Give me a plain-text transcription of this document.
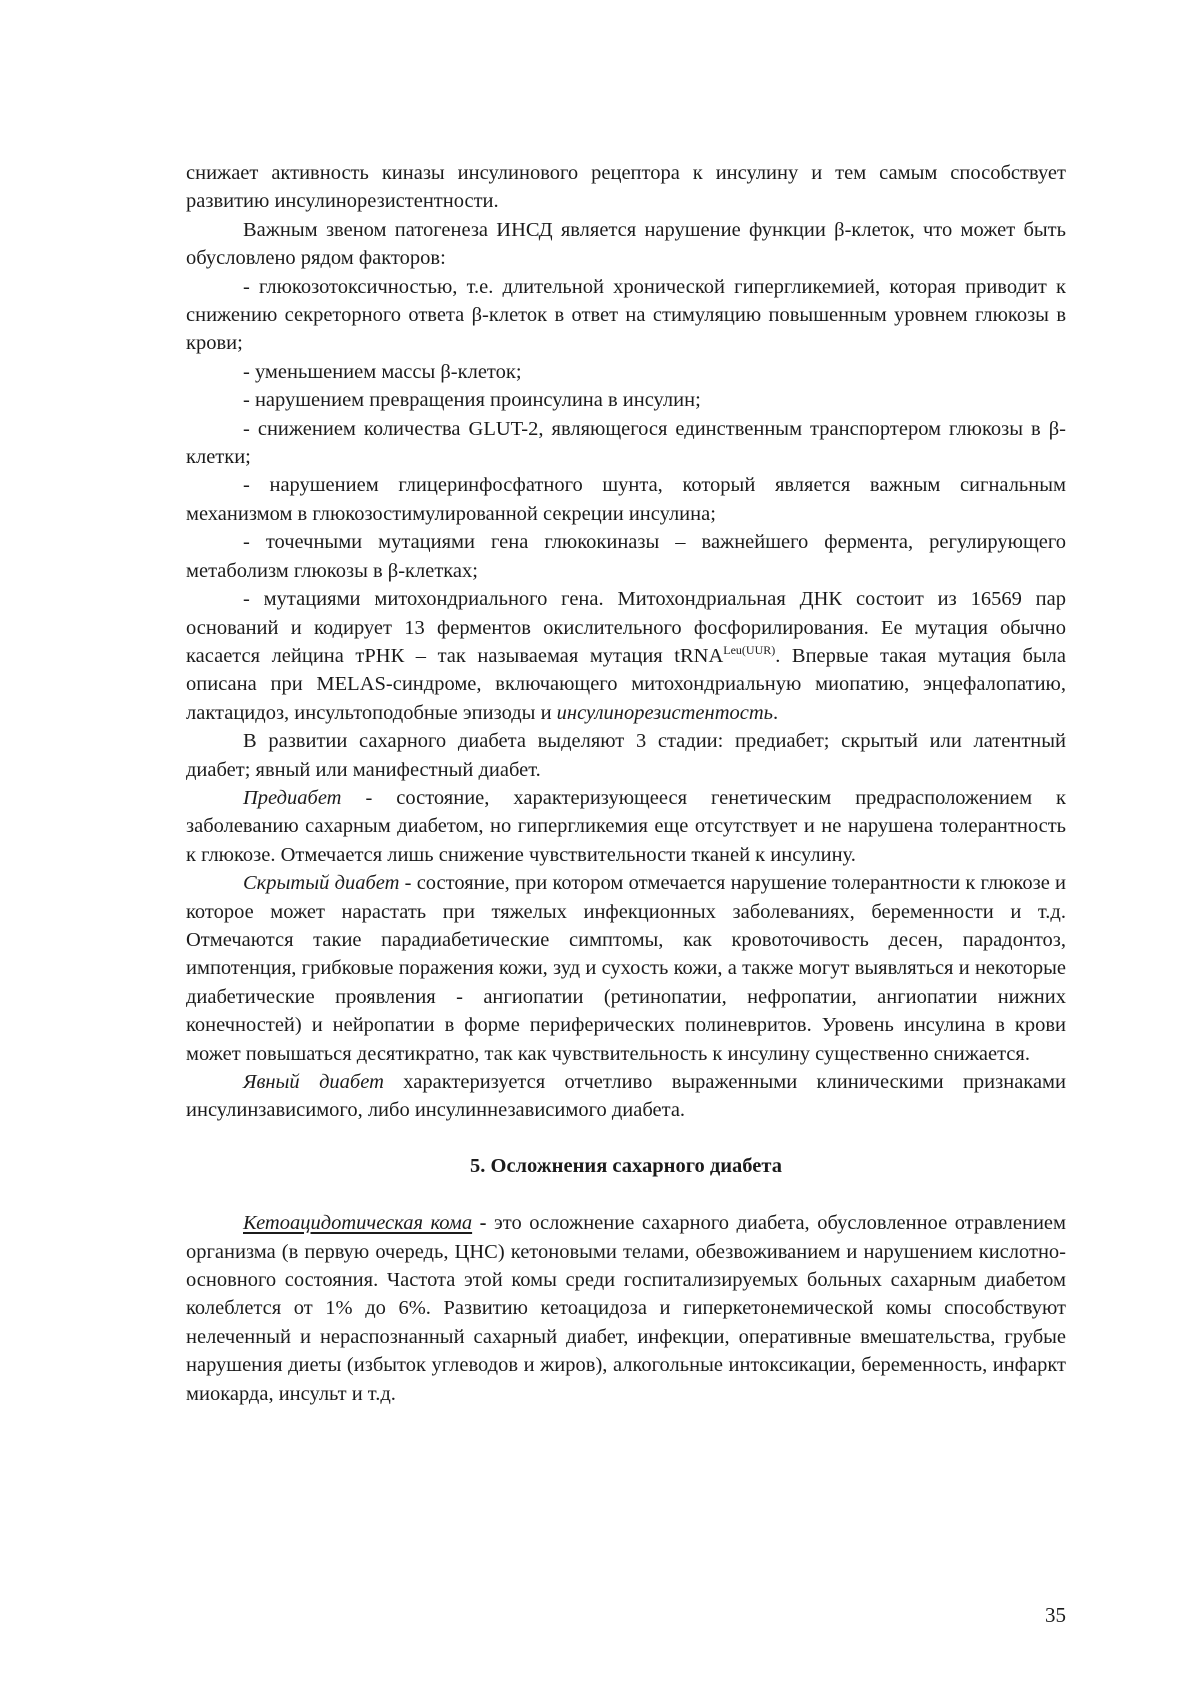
снижает активность киназы инсулинового рецептора к инсулину и тем самым способствует развитию инсулинорезистентности.

Важным звеном патогенеза ИНСД является нарушение функции β-клеток, что может быть обусловлено рядом факторов:

- глюкозотоксичностью, т.е. длительной хронической гипергликемией, которая приводит к снижению секреторного ответа β-клеток в ответ на стимуляцию повышенным уровнем глюкозы в крови;

- уменьшением массы β-клеток;

- нарушением превращения проинсулина в инсулин;

- снижением количества GLUT-2, являющегося единственным транспортером глюкозы в β-клетки;

- нарушением глицеринфосфатного шунта, который является важным сигнальным механизмом в глюкозостимулированной секреции инсулина;

- точечными мутациями гена глюкокиназы – важнейшего фермента, регулирующего метаболизм глюкозы в β-клетках;

- мутациями митохондриального гена. Митохондриальная ДНК состоит из 16569 пар оснований и кодирует 13 ферментов окислительного фосфорилирования. Ее мутация обычно касается лейцина тРНК – так называемая мутация tRNA$^{Leu(UUR)}$. Впервые такая мутация была описана при MELAS-синдроме, включающего митохондриальную миопатию, энцефалопатию, лактацидоз, инсультоподобные эпизоды и инсулинорезистентость.

В развитии сахарного диабета выделяют 3 стадии: предиабет; скрытый или латентный диабет; явный или манифестный диабет.

Предиабет - состояние, характеризующееся генетическим предрасположением к заболеванию сахарным диабетом, но гипергликемия еще отсутствует и не нарушена толерантность к глюкозе. Отмечается лишь снижение чувствительности тканей к инсулину.

Скрытый диабет - состояние, при котором отмечается нарушение толерантности к глюкозе и которое может нарастать при тяжелых инфекционных заболеваниях, беременности и т.д. Отмечаются такие парадиабетические симптомы, как кровоточивость десен, парадонтоз, импотенция, грибковые поражения кожи, зуд и сухость кожи, а также могут выявляться и некоторые диабетические проявления - ангиопатии (ретинопатии, нефропатии, ангиопатии нижних конечностей) и нейропатии в форме периферических полиневритов. Уровень инсулина в крови может повышаться десятикратно, так как чувствительность к инсулину существенно снижается.

Явный диабет характеризуется отчетливо выраженными клиническими признаками инсулинзависимого, либо инсулиннезависимого диабета.

5. Осложнения сахарного диабета

Кетоацидотическая кома - это осложнение сахарного диабета, обусловленное отравлением организма (в первую очередь, ЦНС) кетоновыми телами, обезвоживанием и нарушением кислотно-основного состояния. Частота этой комы среди госпитализируемых больных сахарным диабетом колеблется от 1% до 6%. Развитию кетоацидоза и гиперкетонемической комы способствуют нелеченный и нераспознанный сахарный диабет, инфекции, оперативные вмешательства, грубые нарушения диеты (избыток углеводов и жиров), алкогольные интоксикации, беременность, инфаркт миокарда, инсульт и т.д.

35
